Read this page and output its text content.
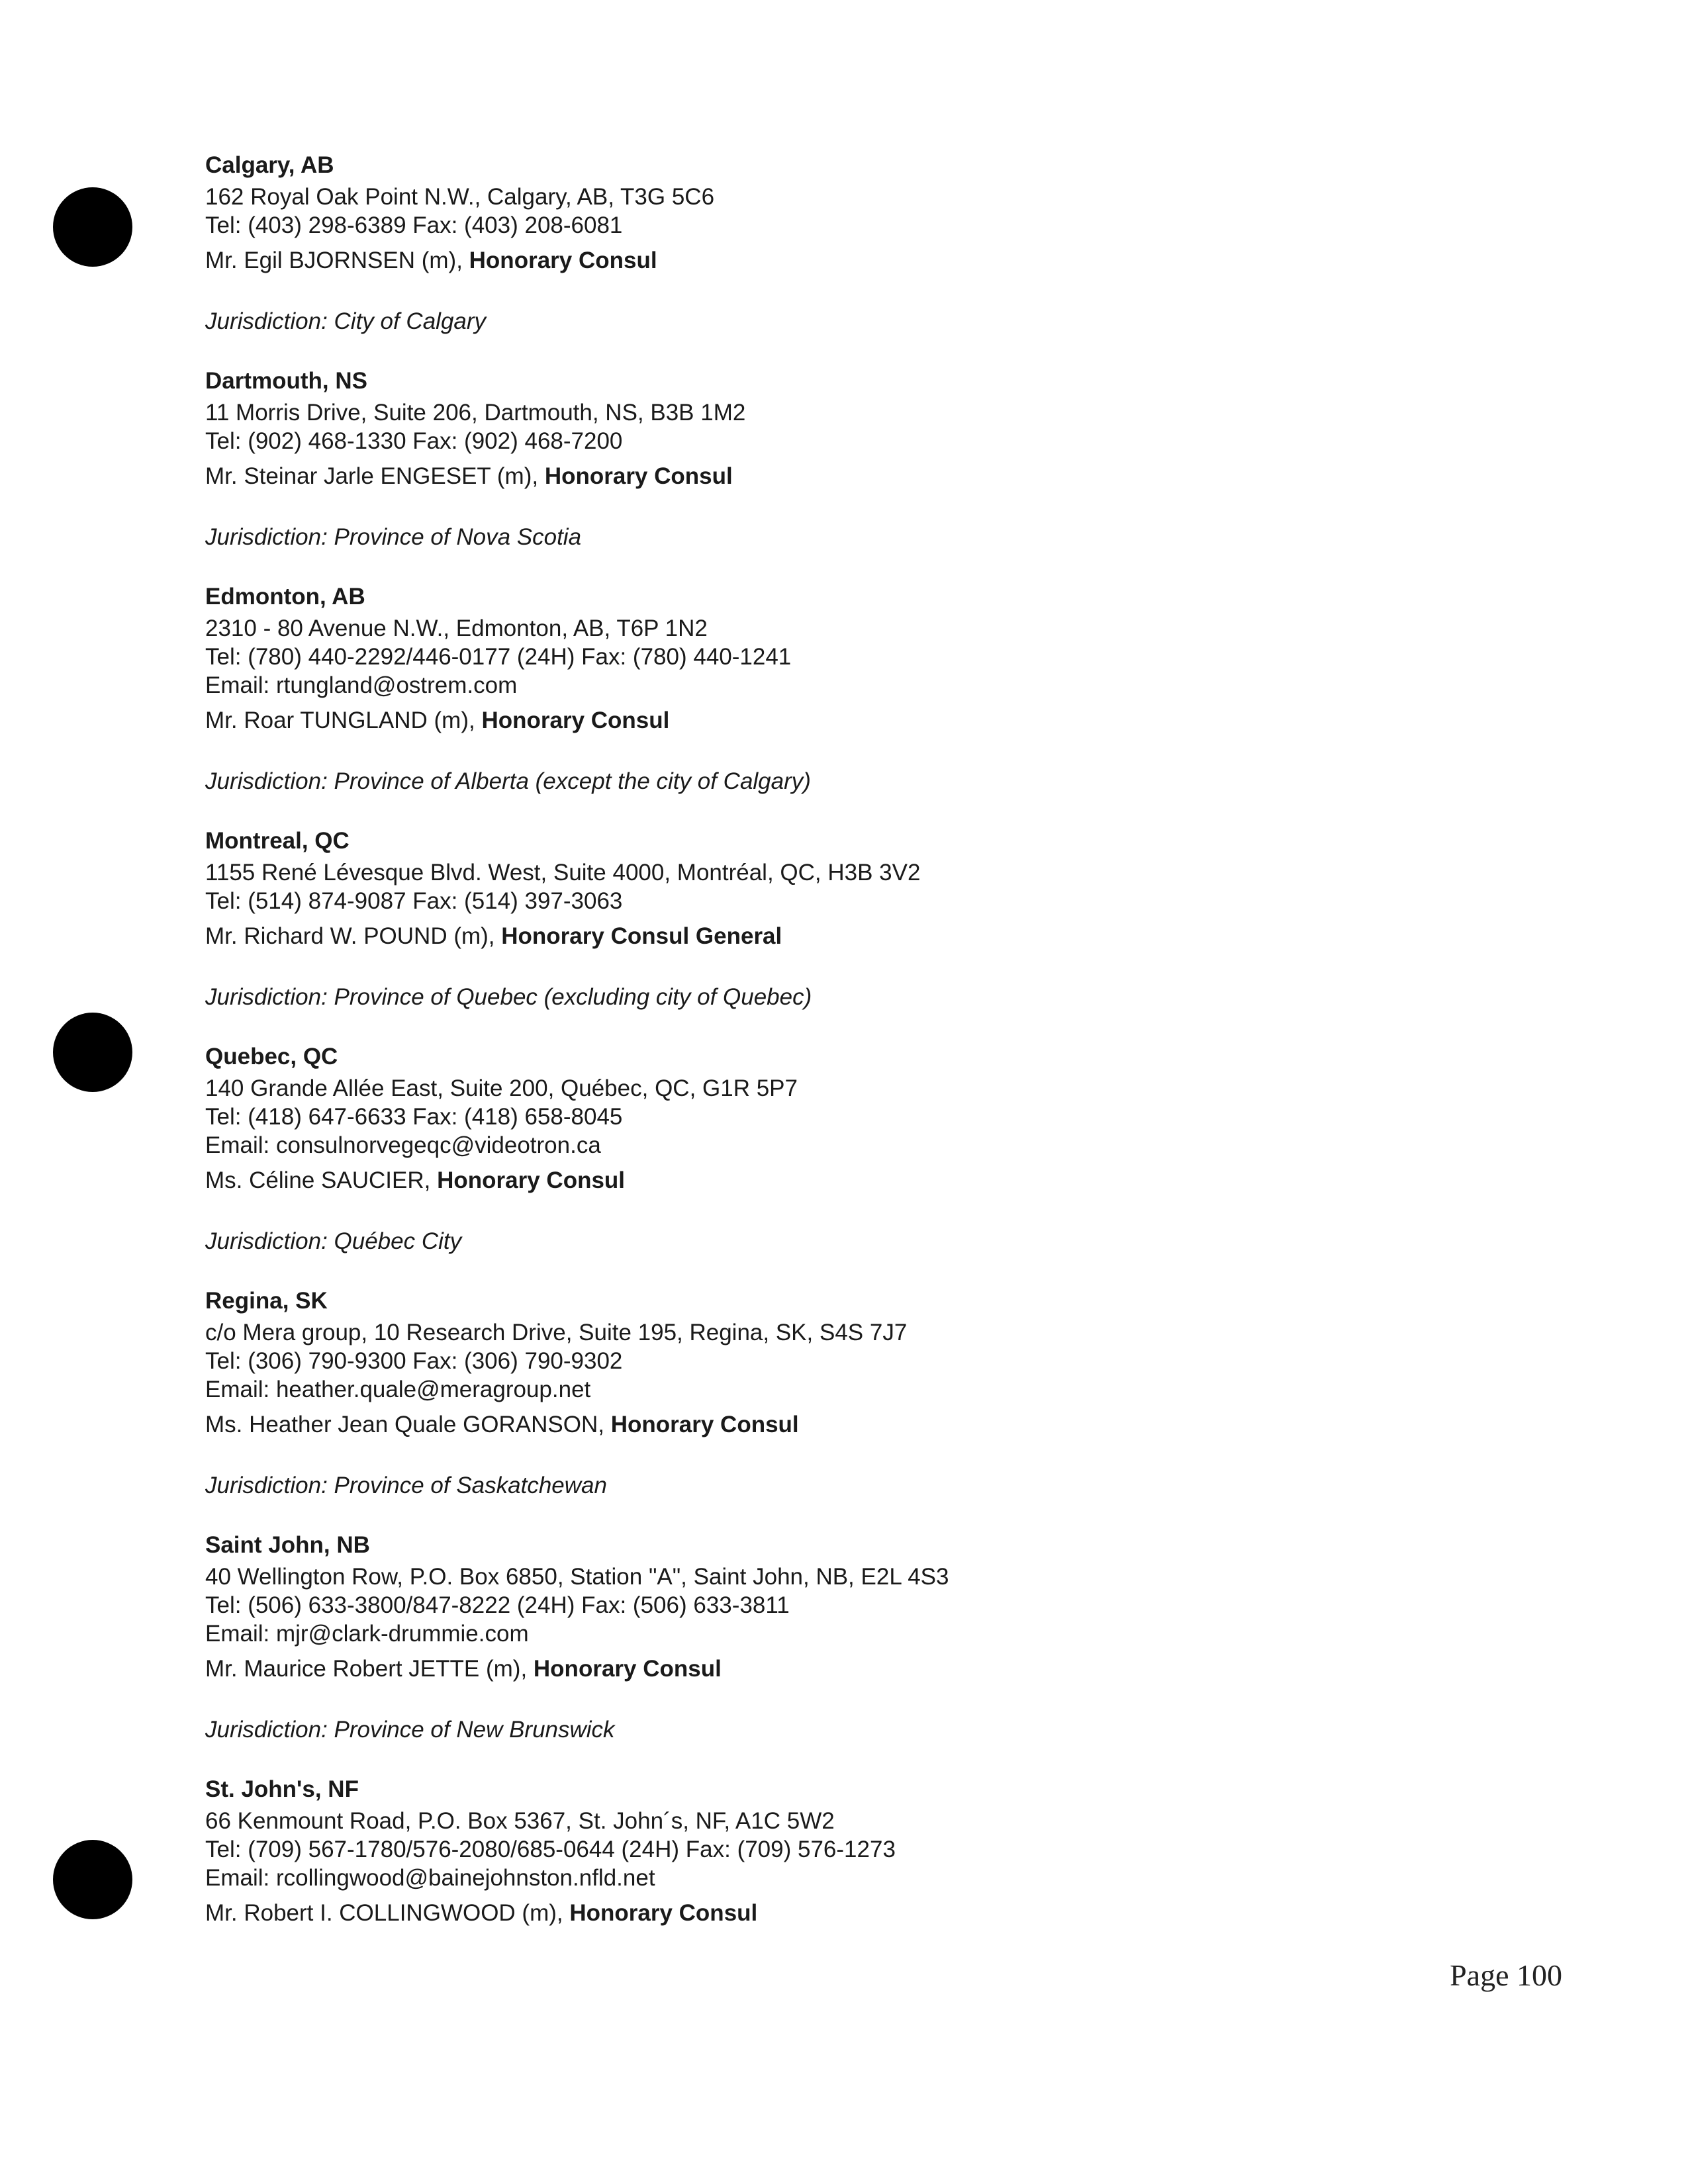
Calgary, AB
162 Royal Oak Point N.W., Calgary, AB, T3G 5C6
Tel: (403) 298-6389 Fax: (403) 208-6081
Mr. Egil BJORNSEN (m), Honorary Consul
Jurisdiction: City of Calgary
Dartmouth, NS
11 Morris Drive, Suite 206, Dartmouth, NS, B3B 1M2
Tel: (902) 468-1330 Fax: (902) 468-7200
Mr. Steinar Jarle ENGESET (m), Honorary Consul
Jurisdiction: Province of Nova Scotia
Edmonton, AB
2310 - 80 Avenue N.W., Edmonton, AB, T6P 1N2
Tel: (780) 440-2292/446-0177 (24H) Fax: (780) 440-1241
Email: rtungland@ostrem.com
Mr. Roar TUNGLAND (m), Honorary Consul
Jurisdiction: Province of Alberta (except the city of Calgary)
Montreal, QC
1155 René Lévesque Blvd. West, Suite 4000, Montréal, QC, H3B 3V2
Tel: (514) 874-9087 Fax: (514) 397-3063
Mr. Richard W. POUND (m), Honorary Consul General
Jurisdiction: Province of Quebec (excluding city of Quebec)
Quebec, QC
140 Grande Allée East, Suite 200, Québec, QC, G1R 5P7
Tel: (418) 647-6633 Fax: (418) 658-8045
Email: consulnorvegeqc@videotron.ca
Ms. Céline SAUCIER, Honorary Consul
Jurisdiction: Québec City
Regina, SK
c/o Mera group, 10 Research Drive, Suite 195, Regina, SK, S4S 7J7
Tel: (306) 790-9300 Fax: (306) 790-9302
Email: heather.quale@meragroup.net
Ms. Heather Jean Quale GORANSON, Honorary Consul
Jurisdiction: Province of Saskatchewan
Saint John, NB
40 Wellington Row, P.O. Box 6850, Station "A", Saint John, NB, E2L 4S3
Tel: (506) 633-3800/847-8222 (24H) Fax: (506) 633-3811
Email: mjr@clark-drummie.com
Mr. Maurice Robert JETTE (m), Honorary Consul
Jurisdiction: Province of New Brunswick
St. John's, NF
66 Kenmount Road, P.O. Box 5367, St. John´s, NF, A1C 5W2
Tel: (709) 567-1780/576-2080/685-0644 (24H) Fax: (709) 576-1273
Email: rcollingwood@bainejohnston.nfld.net
Mr. Robert I. COLLINGWOOD (m), Honorary Consul
Page 100
